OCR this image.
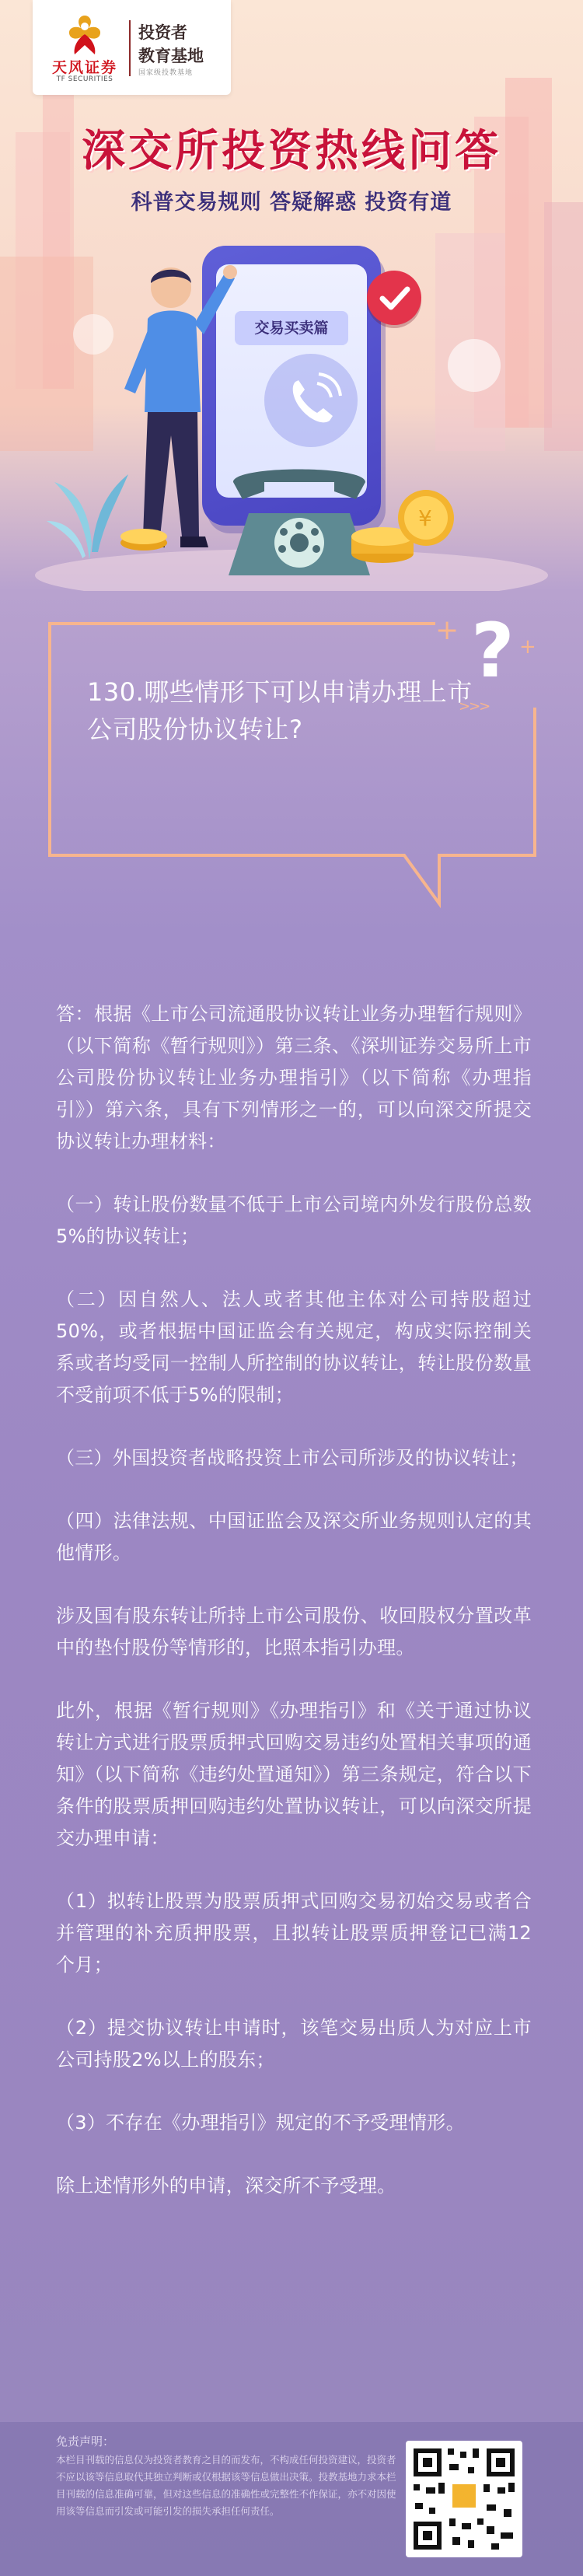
天风证券
TF SECURITIES
投资者
教育基地
国家级投教基地
深交所投资热线问答
科普交易规则 答疑解惑 投资有道
交易买卖篇
¥
+ ? +
130.哪些情形下可以申请办理上市公司股份协议转让?
>>>

答：根据《上市公司流通股协议转让业务办理暂行规则》（以下简称《暂行规则》）第三条、《深圳证券交易所上市公司股份协议转让业务办理指引》（以下简称《办理指引》）第六条，具有下列情形之一的，可以向深交所提交协议转让办理材料：

（一）转让股份数量不低于上市公司境内外发行股份总数5%的协议转让；

（二）因自然人、法人或者其他主体对公司持股超过50%，或者根据中国证监会有关规定，构成实际控制关系或者均受同一控制人所控制的协议转让，转让股份数量不受前项不低于5%的限制；

（三）外国投资者战略投资上市公司所涉及的协议转让；

（四）法律法规、中国证监会及深交所业务规则认定的其他情形。

涉及国有股东转让所持上市公司股份、收回股权分置改革中的垫付股份等情形的，比照本指引办理。

此外，根据《暂行规则》《办理指引》和《关于通过协议转让方式进行股票质押式回购交易违约处置相关事项的通知》（以下简称《违约处置通知》）第三条规定，符合以下条件的股票质押回购违约处置协议转让，可以向深交所提交办理申请：

（1）拟转让股票为股票质押式回购交易初始交易或者合并管理的补充质押股票，且拟转让股票质押登记已满12个月；

（2）提交协议转让申请时，该笔交易出质人为对应上市公司持股2%以上的股东；

（3）不存在《办理指引》规定的不予受理情形。

除上述情形外的申请，深交所不予受理。

免责声明：
本栏目刊载的信息仅为投资者教育之目的而发布，不构成任何投资建议，投资者不应以该等信息取代其独立判断或仅根据该等信息做出决策。投教基地力求本栏目刊载的信息准确可靠，但对这些信息的准确性或完整性不作保证，亦不对因使用该等信息而引发或可能引发的损失承担任何责任。
